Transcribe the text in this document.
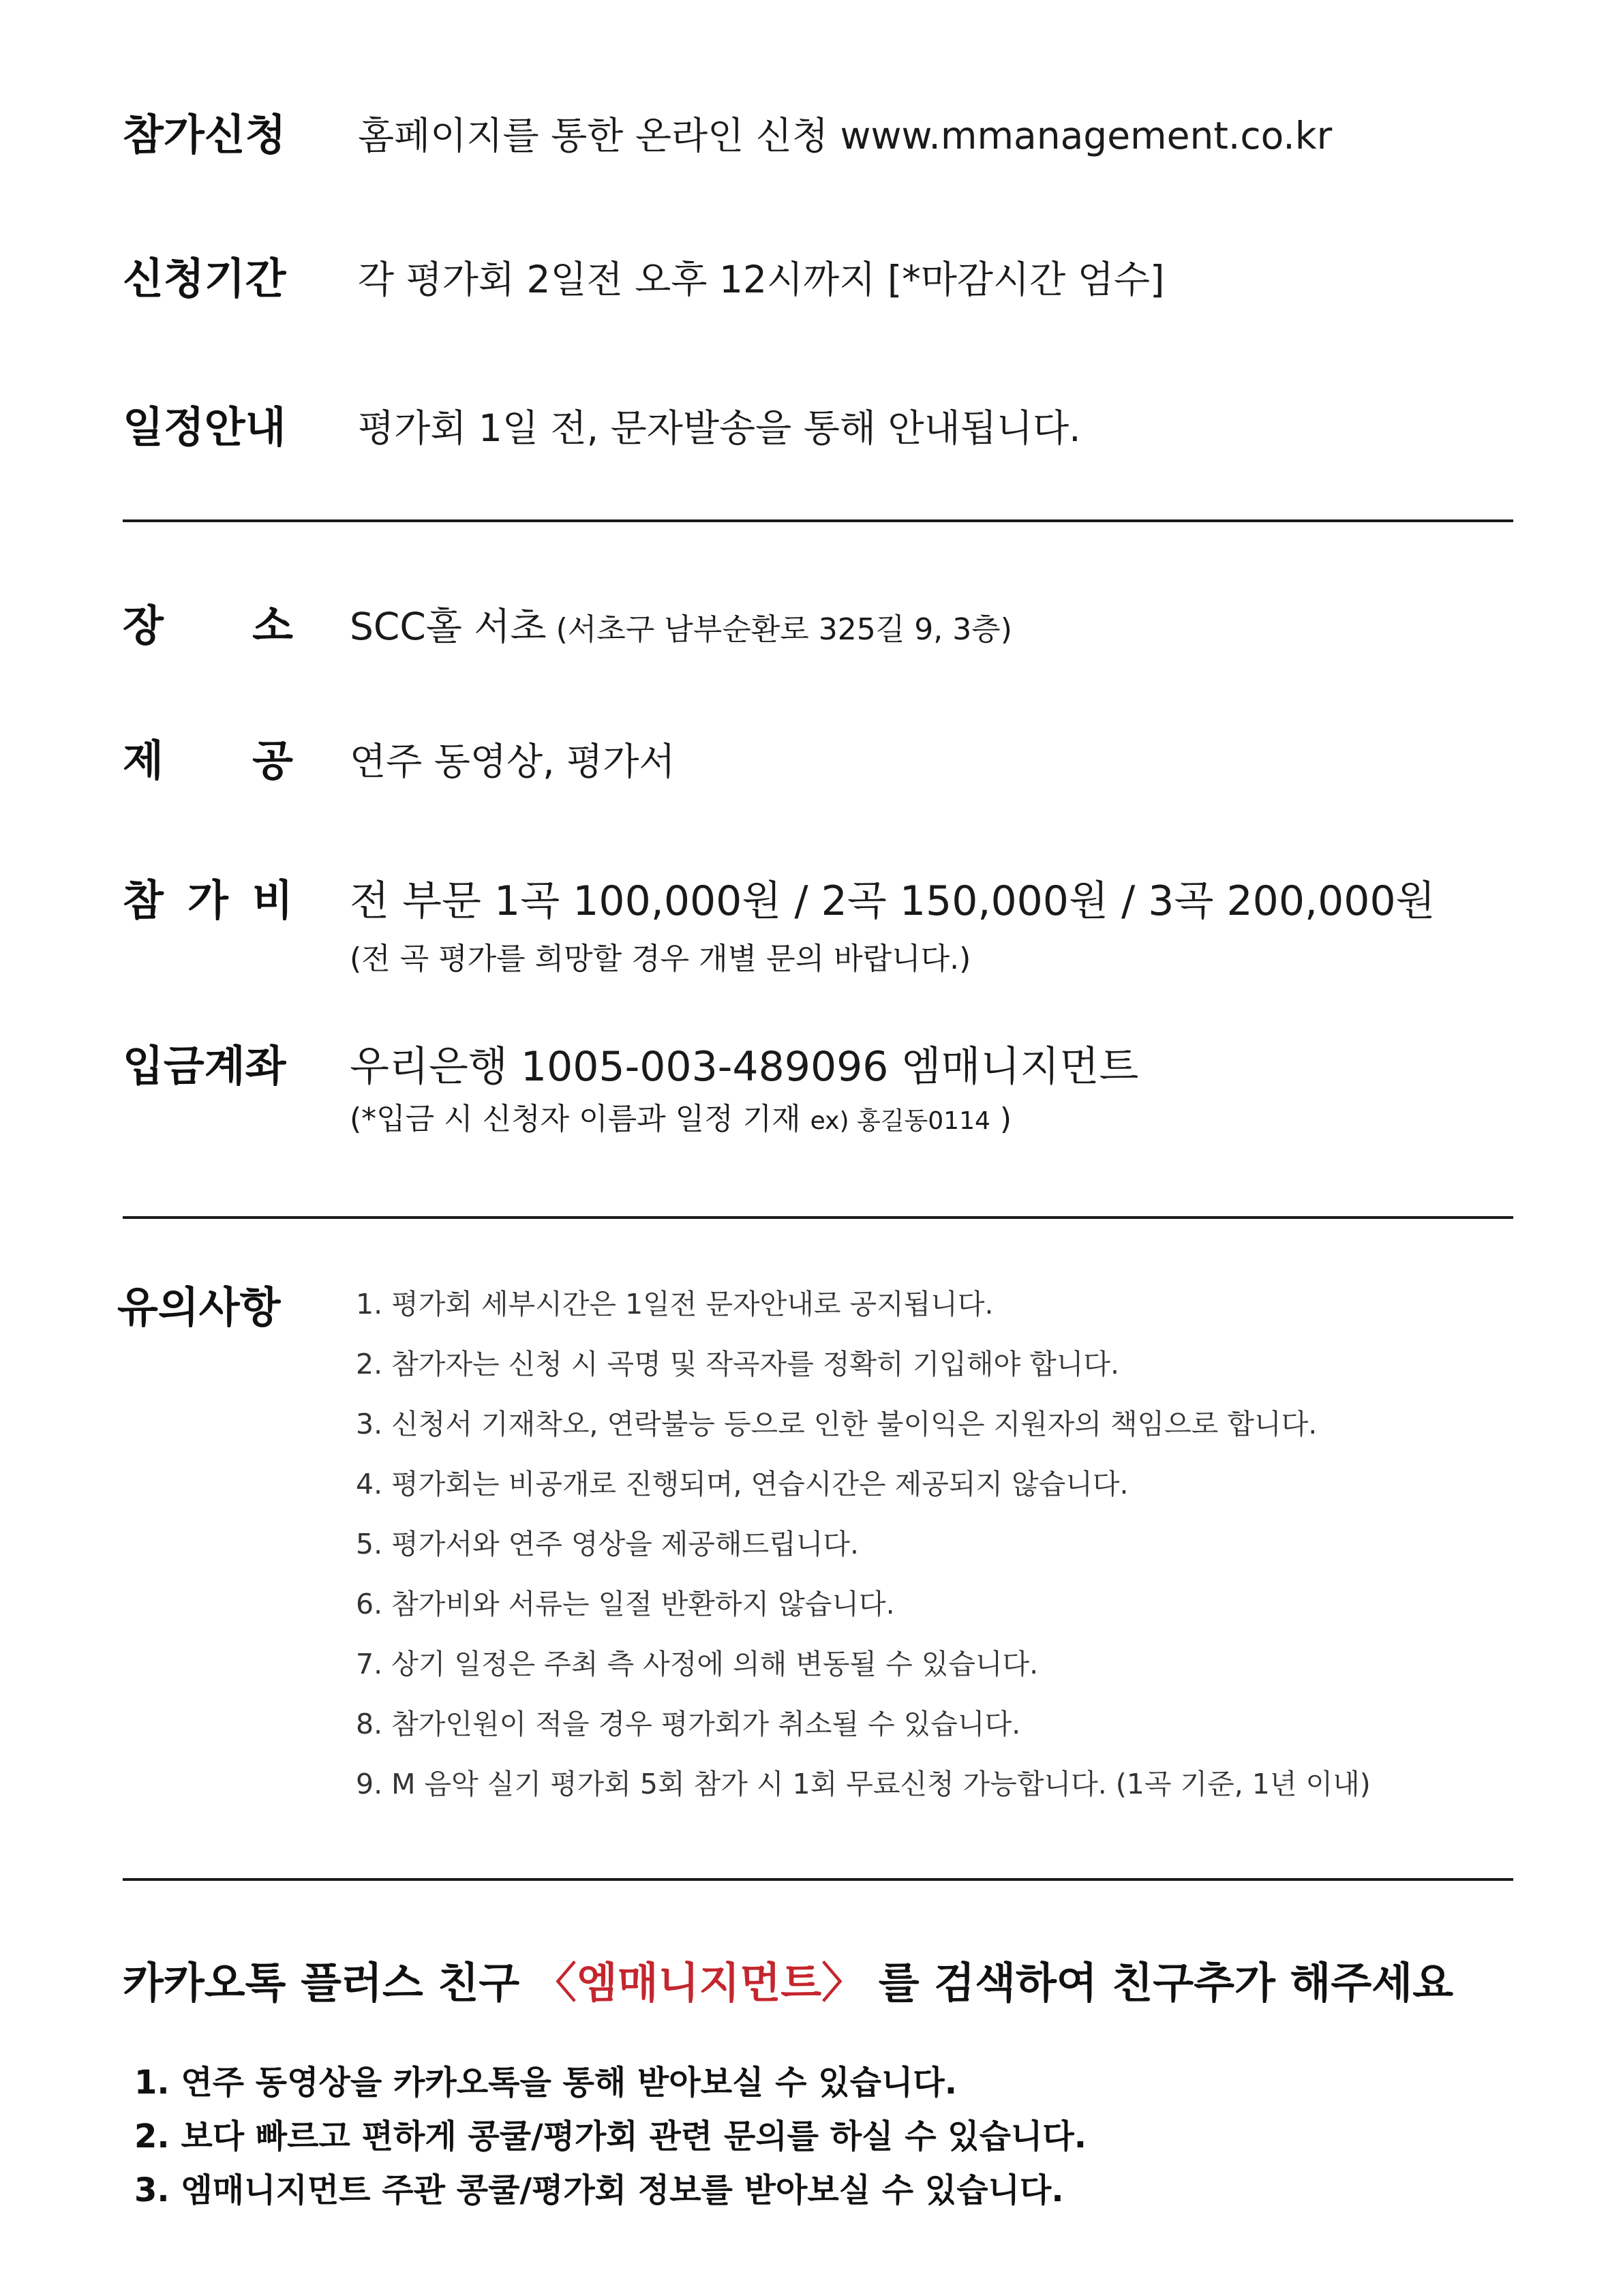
참가신청 홈페이지를 통한 온라인 신청 www.mmanagement.co.kr
신청기간 각 평가회 2일전 오후 12시까지 [*마감시간 엄수]
일정안내 평가회 1일 전, 문자발송을 통해 안내됩니다.
장 소 SCC홀 서초 (서초구 남부순환로 325길 9, 3층)
제 공 연주 동영상, 평가서
참 가 비 전 부문 1곡 100,000원 / 2곡 150,000원 / 3곡 200,000원
(전 곡 평가를 희망할 경우 개별 문의 바랍니다.)
입금계좌 우리은행 1005-003-489096 엠매니지먼트
(*입금 시 신청자 이름과 일정 기재 ex) 홍길동0114 )
유의사항	1. 평가회 세부시간은 1일전 문자안내로 공지됩니다.
2. 참가자는 신청 시 곡명 및 작곡자를 정확히 기입해야 합니다.
3. 신청서 기재착오, 연락불능 등으로 인한 불이익은 지원자의 책임으로 합니다.
4. 평가회는 비공개로 진행되며, 연습시간은 제공되지 않습니다.
5. 평가서와 연주 영상을 제공해드립니다.
6. 참가비와 서류는 일절 반환하지 않습니다.
7. 상기 일정은 주최 측 사정에 의해 변동될 수 있습니다.
8. 참가인원이 적을 경우 평가회가 취소될 수 있습니다.
9. M 음악 실기 평가회 5회 참가 시 1회 무료신청 가능합니다. (1곡 기준, 1년 이내)
카카오톡 플러스 친구 〈엠매니지먼트〉 를 검색하여 친구추가 해주세요
1. 연주 동영상을 카카오톡을 통해 받아보실 수 있습니다.
2. 보다 빠르고 편하게 콩쿨/평가회 관련 문의를 하실 수 있습니다.
3. 엠매니지먼트 주관 콩쿨/평가회 정보를 받아보실 수 있습니다.
